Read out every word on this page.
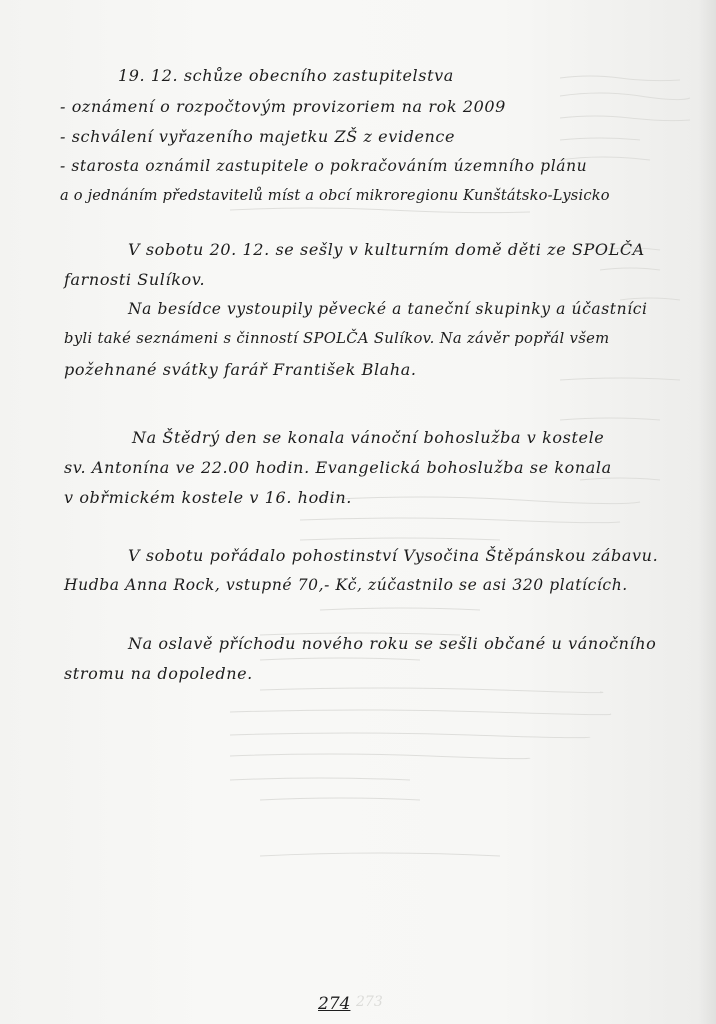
19. 12. schůze obecního zastupitelstva
- oznámení o rozpočtovým provizoriem na rok 2009
- schválení vyřazeního majetku ZŠ z evidence
- starosta oznámil zastupitele o pokračováním územního plánu
a o jednáním představitelů míst a obcí mikroregionu Kunštátsko-Lysicko
V sobotu 20. 12. se sešly v kulturním domě děti ze SPOLČA
farnosti Sulíkov.
Na besídce vystoupily pěvecké a taneční skupinky a účastníci
byli také seznámeni s činností SPOLČA Sulíkov. Na závěr popřál všem
požehnané svátky farář František Blaha.
Na Štědrý den se konala vánoční bohoslužba v kostele
sv. Antonína ve 22.00 hodin. Evangelická bohoslužba se konala
v obřmickém kostele v 16. hodin.
V sobotu pořádalo pohostinství Vysočina Štěpánskou zábavu.
Hudba Anna Rock, vstupné 70,- Kč, zúčastnilo se asi 320 platících.
Na oslavě příchodu nového roku se sešli občané u vánočního
stromu na dopoledne.
274 273
